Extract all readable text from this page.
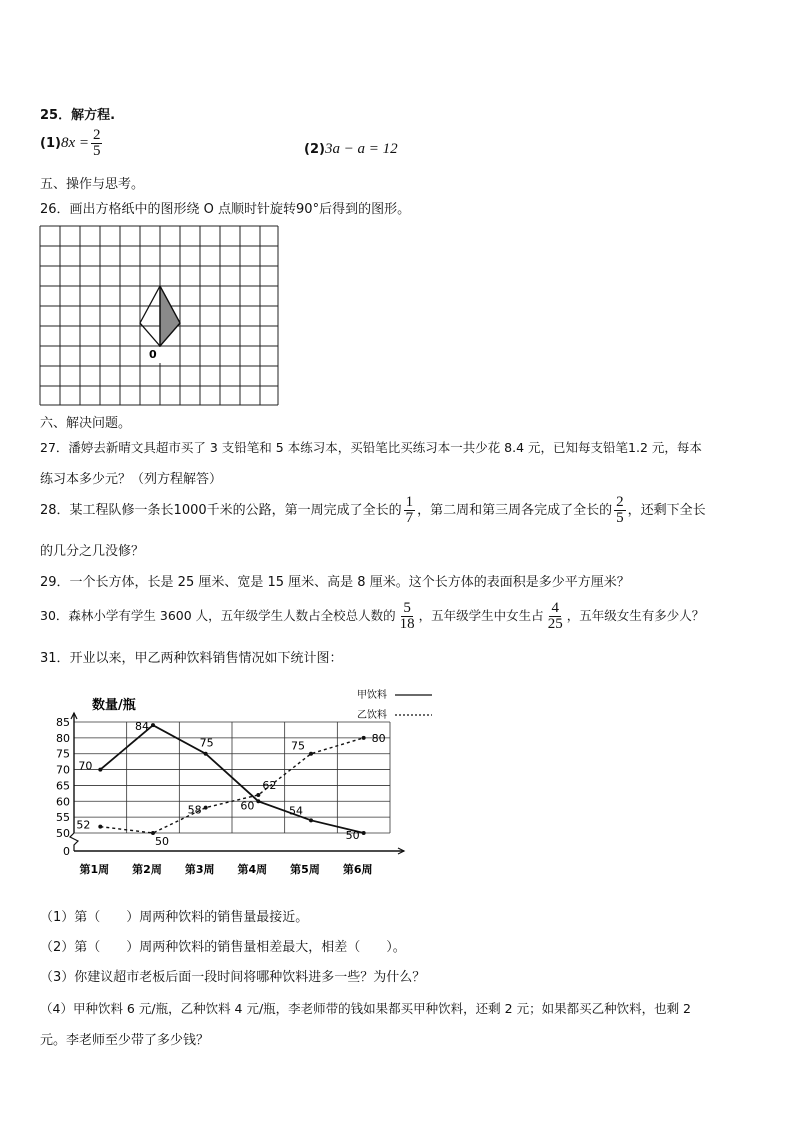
25．解方程.
$(1)8x = \frac{2}{5}$	(2)3a − a = 12
五、操作与思考。
26．画出方格纸中的图形绕 O 点顺时针旋转90°后得到的图形。
0
六、解决问题。
27．潘婷去新晴文具超市买了 3 支铅笔和 5 本练习本，买铅笔比买练习本一共少花 8.4 元，已知每支铅笔1.2 元，每本
练习本多少元？（列方程解答）
28．某工程队修一条长1000千米的公路，第一周完成了全长的 $\frac{1}{7}$ ，第二周和第三周各完成了全长的 $\frac{2}{5}$ ，还剩下全长
的几分之几没修？
29．一个长方体，长是 25 厘米、宽是 15 厘米、高是 8 厘米。这个长方体的表面积是多少平方厘米？
30．森林小学有学生 3600 人，五年级学生人数占全校总人数的 $\frac{5}{18}$ ，五年级学生中女生占 $\frac{4}{25}$ ，五年级女生有多少人？
31．开业以来，甲乙两种饮料销售情况如下统计图：
数量/瓶
甲饮料
乙饮料
0
50
55
60
65
70
75
80
85
第1周 第2周 第3周 第4周 第5周 第6周
70
84
75
60	54
50
52
50
58
62
75
80
（1）第（　　）周两种饮料的销售量最接近。
（2）第（　　）周两种饮料的销售量相差最大，相差（　　）。
（3）你建议超市老板后面一段时间将哪种饮料进多一些？为什么？
（4）甲种饮料 6 元/瓶，乙种饮料 4 元/瓶，李老师带的钱如果都买甲种饮料，还剩 2 元；如果都买乙种饮料，也剩 2
元。李老师至少带了多少钱？
